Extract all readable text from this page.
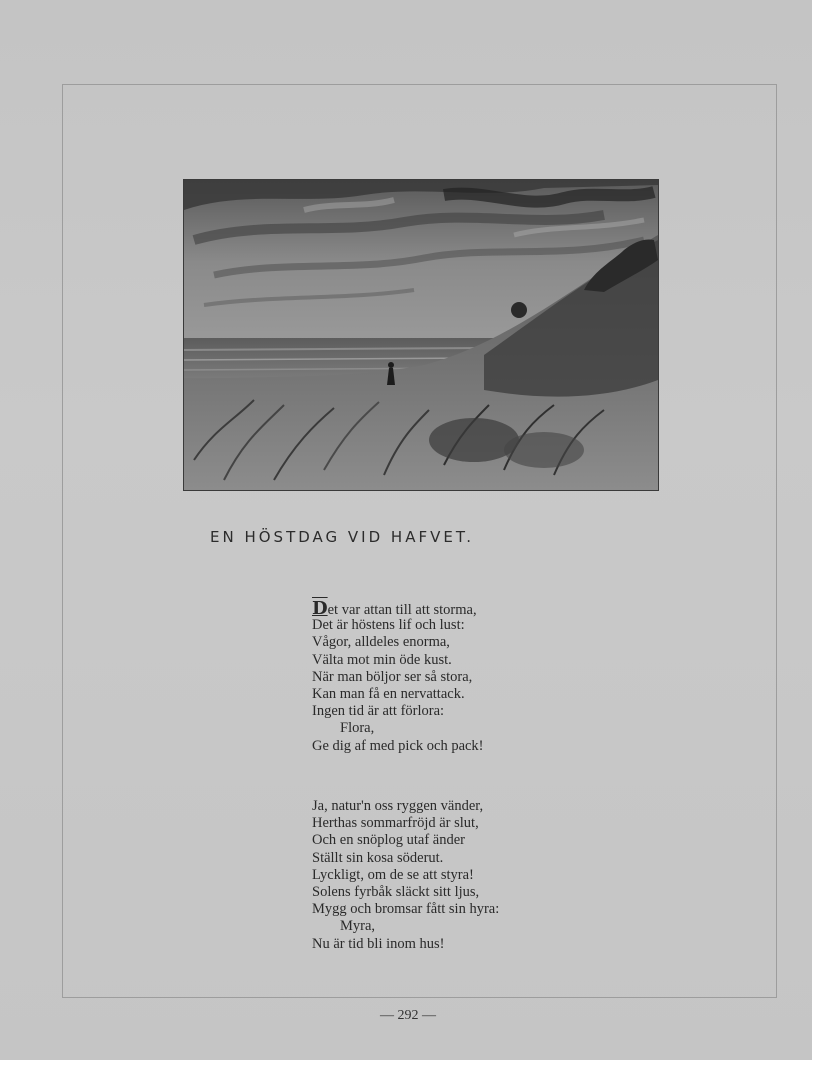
EN HÖSTDAG VID HAFVET.
Det var attan till att storma,
Det är höstens lif och lust:
Vågor, alldeles enorma,
Välta mot min öde kust.
När man böljor ser så stora,
Kan man få en nervattack.
Ingen tid är att förlora:
Flora,
Ge dig af med pick och pack!
Ja, natur'n oss ryggen vänder,
Herthas sommarfröjd är slut,
Och en snöplog utaf änder
Ställt sin kosa söderut.
Lyckligt, om de se att styra!
Solens fyrbåk släckt sitt ljus,
Mygg och bromsar fått sin hyra:
Myra,
Nu är tid bli inom hus!
— 292 —
